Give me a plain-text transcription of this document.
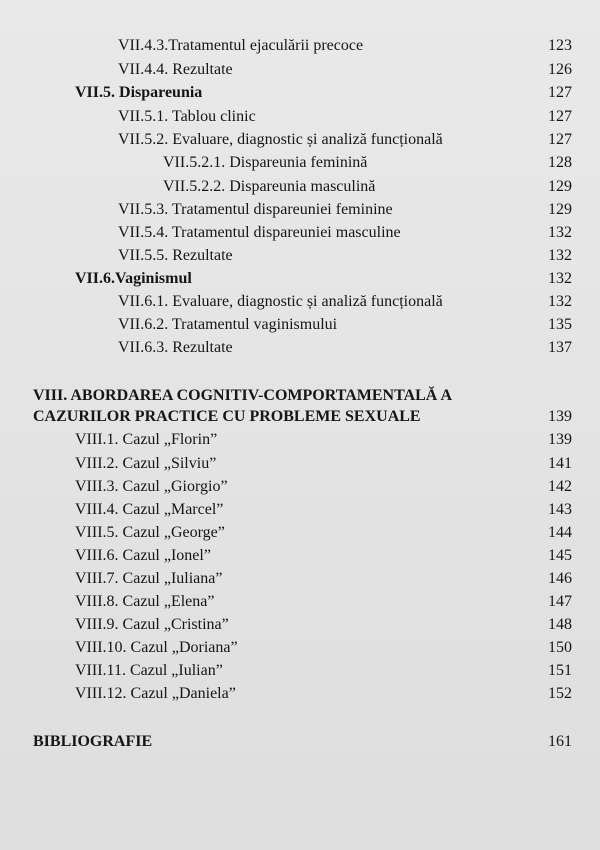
VII.4.3.Tratamentul ejaculării precoce	123
VII.4.4. Rezultate	126
VII.5. Dispareunia	127
VII.5.1. Tablou clinic	127
VII.5.2. Evaluare, diagnostic și analiză funcțională	127
VII.5.2.1. Dispareunia feminină	128
VII.5.2.2. Dispareunia masculină	129
VII.5.3. Tratamentul dispareuniei feminine	129
VII.5.4. Tratamentul dispareuniei masculine	132
VII.5.5. Rezultate	132
VII.6.Vaginismul	132
VII.6.1. Evaluare, diagnostic și analiză funcțională	132
VII.6.2. Tratamentul vaginismului	135
VII.6.3. Rezultate	137
VIII. ABORDAREA COGNITIV-COMPORTAMENTALĂ A
CAZURILOR PRACTICE CU PROBLEME SEXUALE	139
VIII.1. Cazul „Florin”	139
VIII.2. Cazul „Silviu”	141
VIII.3. Cazul „Giorgio”	142
VIII.4. Cazul „Marcel”	143
VIII.5. Cazul „George”	144
VIII.6. Cazul „Ionel”	145
VIII.7. Cazul „Iuliana”	146
VIII.8. Cazul „Elena”	147
VIII.9. Cazul „Cristina”	148
VIII.10. Cazul „Doriana”	150
VIII.11. Cazul „Iulian”	151
VIII.12. Cazul „Daniela”	152
BIBLIOGRAFIE	161
